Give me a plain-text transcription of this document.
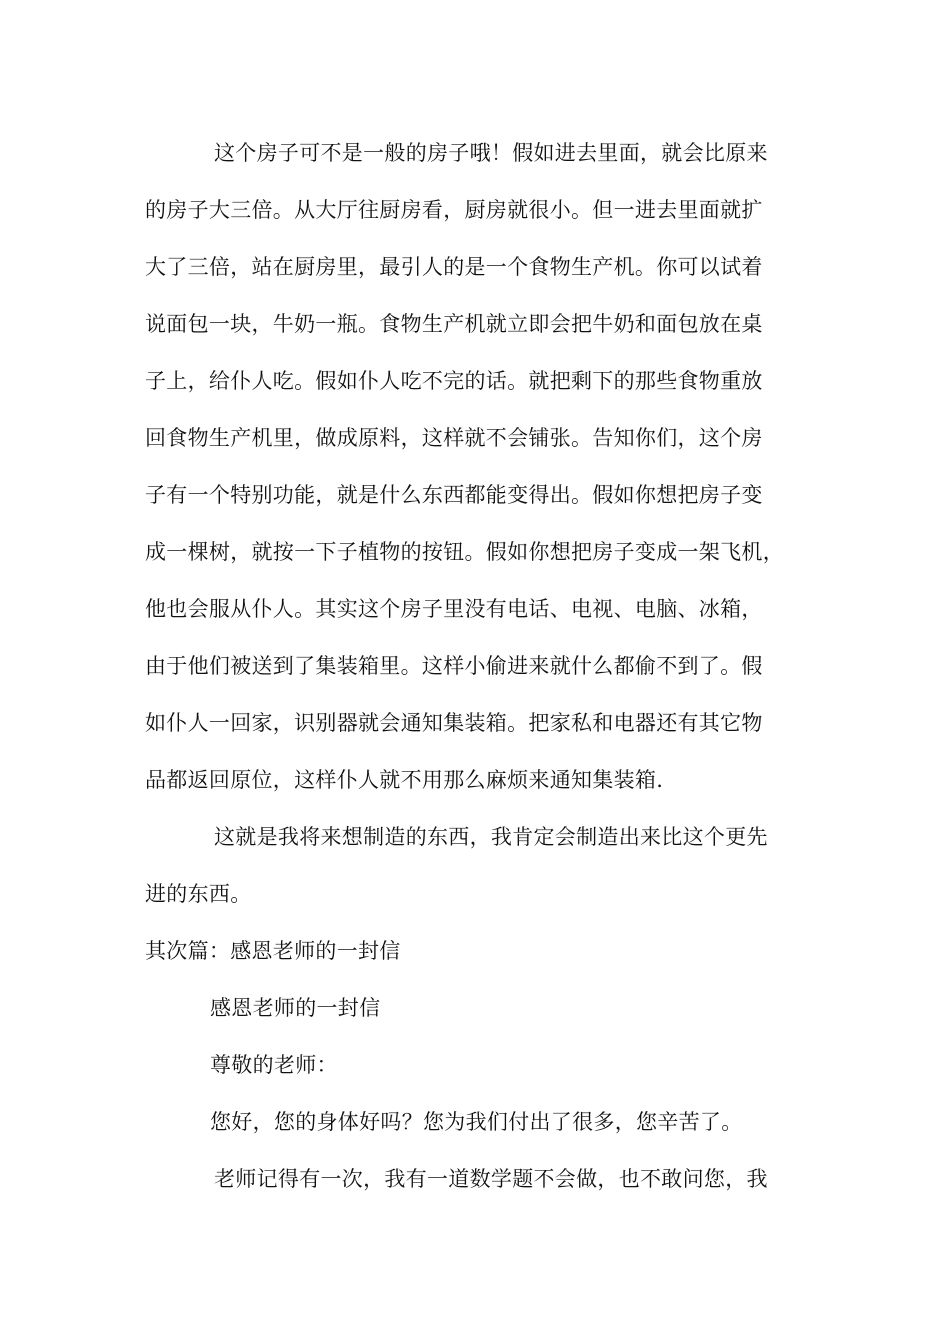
这个房子可不是一般的房子哦！假如进去里面，就会比原来
的房子大三倍。从大厅往厨房看，厨房就很小。但一进去里面就扩
大了三倍，站在厨房里，最引人的是一个食物生产机。你可以试着
说面包一块，牛奶一瓶。食物生产机就立即会把牛奶和面包放在桌
子上，给仆人吃。假如仆人吃不完的话。就把剩下的那些食物重放
回食物生产机里，做成原料，这样就不会铺张。告知你们，这个房
子有一个特别功能，就是什么东西都能变得出。假如你想把房子变
成一棵树，就按一下子植物的按钮。假如你想把房子变成一架飞机，
他也会服从仆人。其实这个房子里没有电话、电视、电脑、冰箱，
由于他们被送到了集装箱里。这样小偷进来就什么都偷不到了。假
如仆人一回家，识别器就会通知集装箱。把家私和电器还有其它物
品都返回原位，这样仆人就不用那么麻烦来通知集装箱.
这就是我将来想制造的东西，我肯定会制造出来比这个更先
进的东西。
其次篇：感恩老师的一封信
感恩老师的一封信
尊敬的老师：
您好，您的身体好吗？您为我们付出了很多，您辛苦了。
老师记得有一次，我有一道数学题不会做，也不敢问您，我
